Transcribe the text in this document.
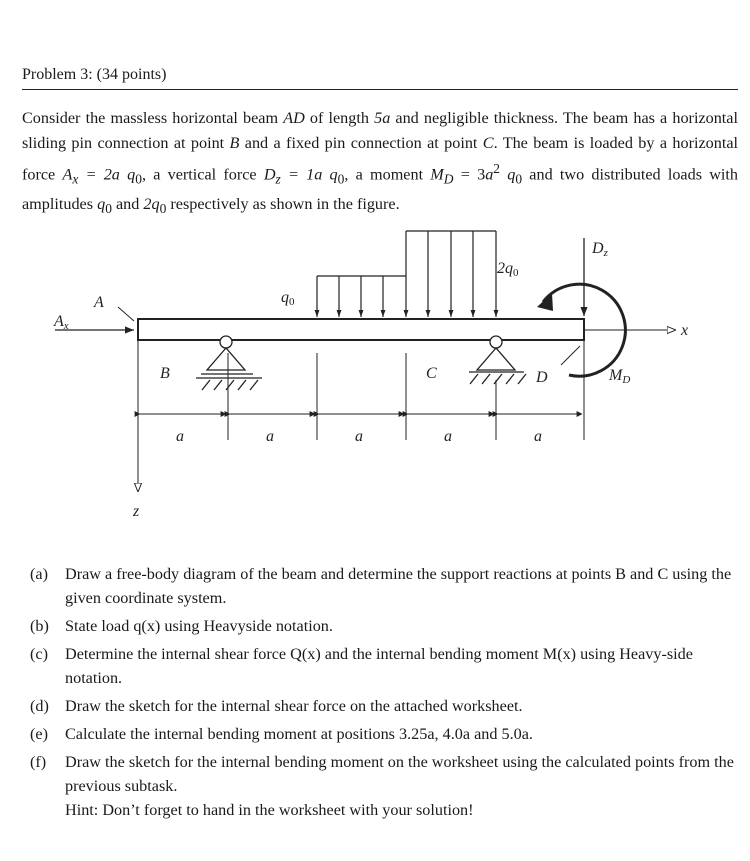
Problem 3: (34 points)

Consider the massless horizontal beam AD of length 5a and negligible thickness. The beam has a horizontal sliding pin connection at point B and a fixed pin connection at point C. The beam is loaded by a horizontal force $A_x = 2a$ $q_0$, a vertical force $D_z = 1a$ $q_0$, a moment $M_D = 3a^2$ $q_0$ and two distributed loads with amplitudes $q_0$ and $2q_0$ respectively as shown in the figure.

A
Ax
q0
2q0
Dz
x
B	C	D	MD
z
a	a	a	a	a
(a) Draw a free-body diagram of the beam and determine the support reactions at points B and C using the given coordinate system.
(b) State load q(x) using Heavyside notation.
(c) Determine the internal shear force Q(x) and the internal bending moment M(x) using Heavy-side notation.
(d) Draw the sketch for the internal shear force on the attached worksheet.
(e) Calculate the internal bending moment at positions 3.25a, 4.0a and 5.0a.
(f) Draw the sketch for the internal bending moment on the worksheet using the calculated points from the previous subtask.

Hint: Don’t forget to hand in the worksheet with your solution!
